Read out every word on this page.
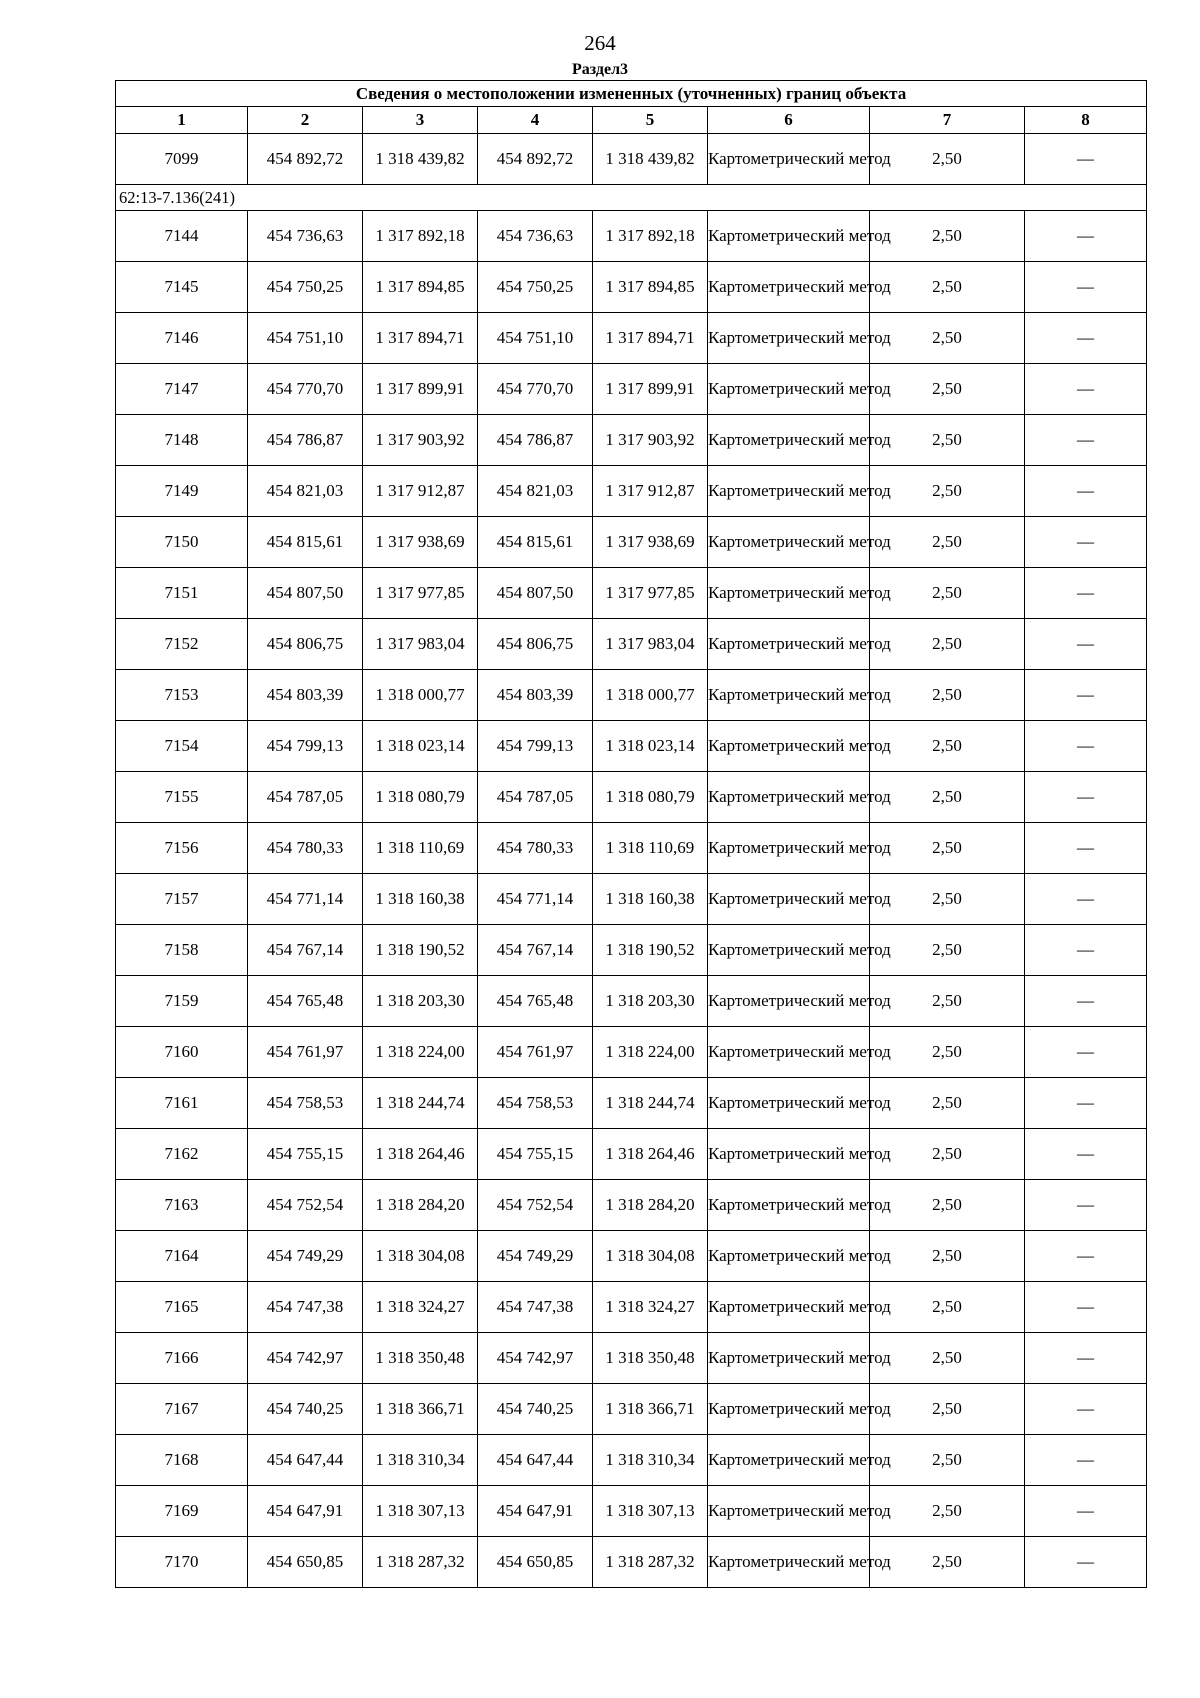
264
Раздел3
Сведения о местоположении измененных (уточненных) границ объекта							
1	2	3	4	5	6	7	8
7099	454 892,72	1 318 439,82	454 892,72	1 318 439,82	Картометрический метод	2,50	—
62:13-7.136(241)							
7144	454 736,63	1 317 892,18	454 736,63	1 317 892,18	Картометрический метод	2,50	—
7145	454 750,25	1 317 894,85	454 750,25	1 317 894,85	Картометрический метод	2,50	—
7146	454 751,10	1 317 894,71	454 751,10	1 317 894,71	Картометрический метод	2,50	—
7147	454 770,70	1 317 899,91	454 770,70	1 317 899,91	Картометрический метод	2,50	—
7148	454 786,87	1 317 903,92	454 786,87	1 317 903,92	Картометрический метод	2,50	—
7149	454 821,03	1 317 912,87	454 821,03	1 317 912,87	Картометрический метод	2,50	—
7150	454 815,61	1 317 938,69	454 815,61	1 317 938,69	Картометрический метод	2,50	—
7151	454 807,50	1 317 977,85	454 807,50	1 317 977,85	Картометрический метод	2,50	—
7152	454 806,75	1 317 983,04	454 806,75	1 317 983,04	Картометрический метод	2,50	—
7153	454 803,39	1 318 000,77	454 803,39	1 318 000,77	Картометрический метод	2,50	—
7154	454 799,13	1 318 023,14	454 799,13	1 318 023,14	Картометрический метод	2,50	—
7155	454 787,05	1 318 080,79	454 787,05	1 318 080,79	Картометрический метод	2,50	—
7156	454 780,33	1 318 110,69	454 780,33	1 318 110,69	Картометрический метод	2,50	—
7157	454 771,14	1 318 160,38	454 771,14	1 318 160,38	Картометрический метод	2,50	—
7158	454 767,14	1 318 190,52	454 767,14	1 318 190,52	Картометрический метод	2,50	—
7159	454 765,48	1 318 203,30	454 765,48	1 318 203,30	Картометрический метод	2,50	—
7160	454 761,97	1 318 224,00	454 761,97	1 318 224,00	Картометрический метод	2,50	—
7161	454 758,53	1 318 244,74	454 758,53	1 318 244,74	Картометрический метод	2,50	—
7162	454 755,15	1 318 264,46	454 755,15	1 318 264,46	Картометрический метод	2,50	—
7163	454 752,54	1 318 284,20	454 752,54	1 318 284,20	Картометрический метод	2,50	—
7164	454 749,29	1 318 304,08	454 749,29	1 318 304,08	Картометрический метод	2,50	—
7165	454 747,38	1 318 324,27	454 747,38	1 318 324,27	Картометрический метод	2,50	—
7166	454 742,97	1 318 350,48	454 742,97	1 318 350,48	Картометрический метод	2,50	—
7167	454 740,25	1 318 366,71	454 740,25	1 318 366,71	Картометрический метод	2,50	—
7168	454 647,44	1 318 310,34	454 647,44	1 318 310,34	Картометрический метод	2,50	—
7169	454 647,91	1 318 307,13	454 647,91	1 318 307,13	Картометрический метод	2,50	—
7170	454 650,85	1 318 287,32	454 650,85	1 318 287,32	Картометрический метод	2,50	—
